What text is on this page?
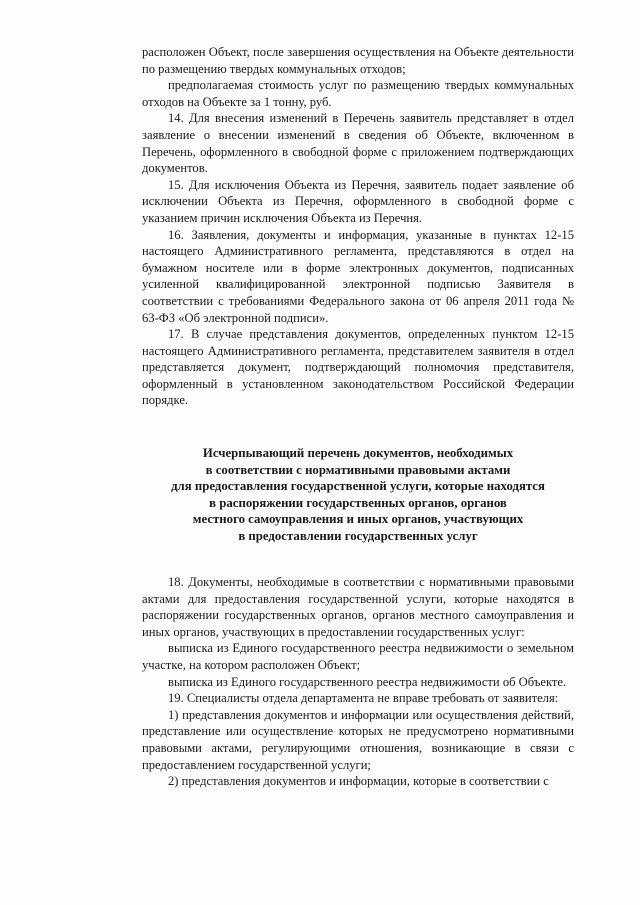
расположен Объект, после завершения осуществления на Объекте деятельности по размещению твердых коммунальных отходов;

предполагаемая стоимость услуг по размещению твердых коммунальных отходов на Объекте за 1 тонну, руб.

14. Для внесения изменений в Перечень заявитель представляет в отдел заявление о внесении изменений в сведения об Объекте, включенном в Перечень, оформленного в свободной форме с приложением подтверждающих документов.

15. Для исключения Объекта из Перечня, заявитель подает заявление об исключении Объекта из Перечня, оформленного в свободной форме с указанием причин исключения Объекта из Перечня.

16. Заявления, документы и информация, указанные в пунктах 12-15 настоящего Административного регламента, представляются в отдел на бумажном носителе или в форме электронных документов, подписанных усиленной квалифицированной электронной подписью Заявителя в соответствии с требованиями Федерального закона от 06 апреля 2011 года № 63-ФЗ «Об электронной подписи».

17. В случае представления документов, определенных пунктом 12-15 настоящего Административного регламента, представителем заявителя в отдел представляется документ, подтверждающий полномочия представителя, оформленный в установленном законодательством Российской Федерации порядке.

Исчерпывающий перечень документов, необходимых
в соответствии с нормативными правовыми актами
для предоставления государственной услуги, которые находятся
в распоряжении государственных органов, органов
местного самоуправления и иных органов, участвующих
в предоставлении государственных услуг

18. Документы, необходимые в соответствии с нормативными правовыми актами для предоставления государственной услуги, которые находятся в распоряжении государственных органов, органов местного самоуправления и иных органов, участвующих в предоставлении государственных услуг:

выписка из Единого государственного реестра недвижимости о земельном участке, на котором расположен Объект;

выписка из Единого государственного реестра недвижимости об Объекте.

19. Специалисты отдела департамента не вправе требовать от заявителя:

1) представления документов и информации или осуществления действий, представление или осуществление которых не предусмотрено нормативными правовыми актами, регулирующими отношения, возникающие в связи с предоставлением государственной услуги;

2) представления документов и информации, которые в соответствии с
